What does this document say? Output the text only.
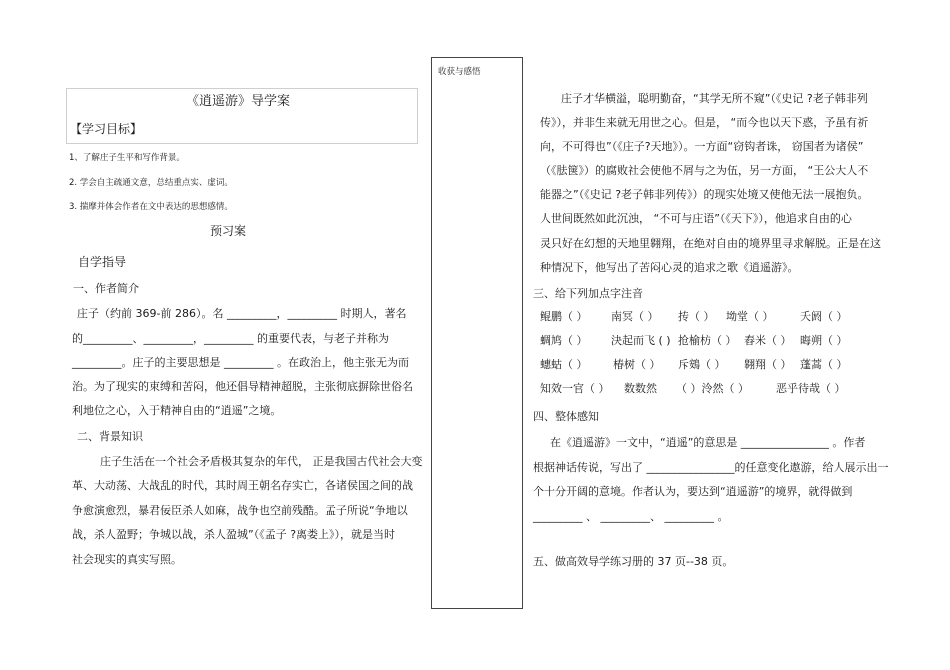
《逍遥游》导学案
【学习目标】
1、了解庄子生平和写作背景。
2. 学会自主疏通文意，总结重点实、虚词。
3. 揣摩并体会作者在文中表达的思想感情。
预习案
自学指导
一、作者简介
庄子（约前 369-前 286）。名 _________，_________ 时期人，著名
的_________、_________，_________ 的重要代表，与老子并称为
_________。庄子的主要思想是 _________ 。在政治上，他主张无为而
治。为了现实的束缚和苦闷，他还倡导精神超脱，主张彻底摒除世俗名
利地位之心，入于精神自由的“逍遥”之境。
二、背景知识
庄子生活在一个社会矛盾极其复杂的年代， 正是我国古代社会大变
革、大动荡、大战乱的时代，其时周王朝名存实亡，各诸侯国之间的战
争愈演愈烈，暴君佞臣杀人如麻，战争也空前残酷。孟子所说“争地以
战，杀人盈野；争城以战，杀人盈城”（《孟子 ?离娄上》），就是当时
社会现实的真实写照。
收获与感悟
庄子才华横溢，聪明勤奋，“其学无所不窥”（《史记 ?老子韩非列
传》），并非生来就无用世之心。但是， “而今也以天下惑，予虽有祈
向，不可得也”（《庄子?天地》）。一方面“窃钩者诛， 窃国者为诸侯”
（《胠箧》）的腐败社会使他不屑与之为伍，另一方面， “王公大人不
能器之”（《史记 ?老子韩非列传》）的现实处境又使他无法一展抱负。
人世间既然如此沉浊， “不可与庄语”（《天下》），他追求自由的心
灵只好在幻想的天地里翱翔，在绝对自由的境界里寻求解脱。正是在这
种情况下，他写出了苦闷心灵的追求之歌《逍遥游》。
三、给下列加点字注音
鲲鹏（ ） 南冥（ ） 抟（ ） 坳堂（ ） 夭阏（ ）
蜩鸠（ ） 決起而飞 ( ) 抢榆枋（ ） 舂米（ ） 晦朔（ ）
蟪蛄（ ） 椿树（ ） 斥鴳（ ） 翱翔（ ） 蓬蒿（ ）
知效一官（ ） 数数然 （ ）泠然（ ） 恶乎待哉（ ）
四、整体感知
在《逍遥游》一文中，“逍遥”的意思是 ________________ 。作者
根据神话传说，写出了 ________________的任意变化遨游，给人展示出一
个十分开阔的意境。作者认为，要达到“逍遥游”的境界，就得做到
_________ 、 _________、 _________ 。
五、做高效导学练习册的 37 页--38 页。
